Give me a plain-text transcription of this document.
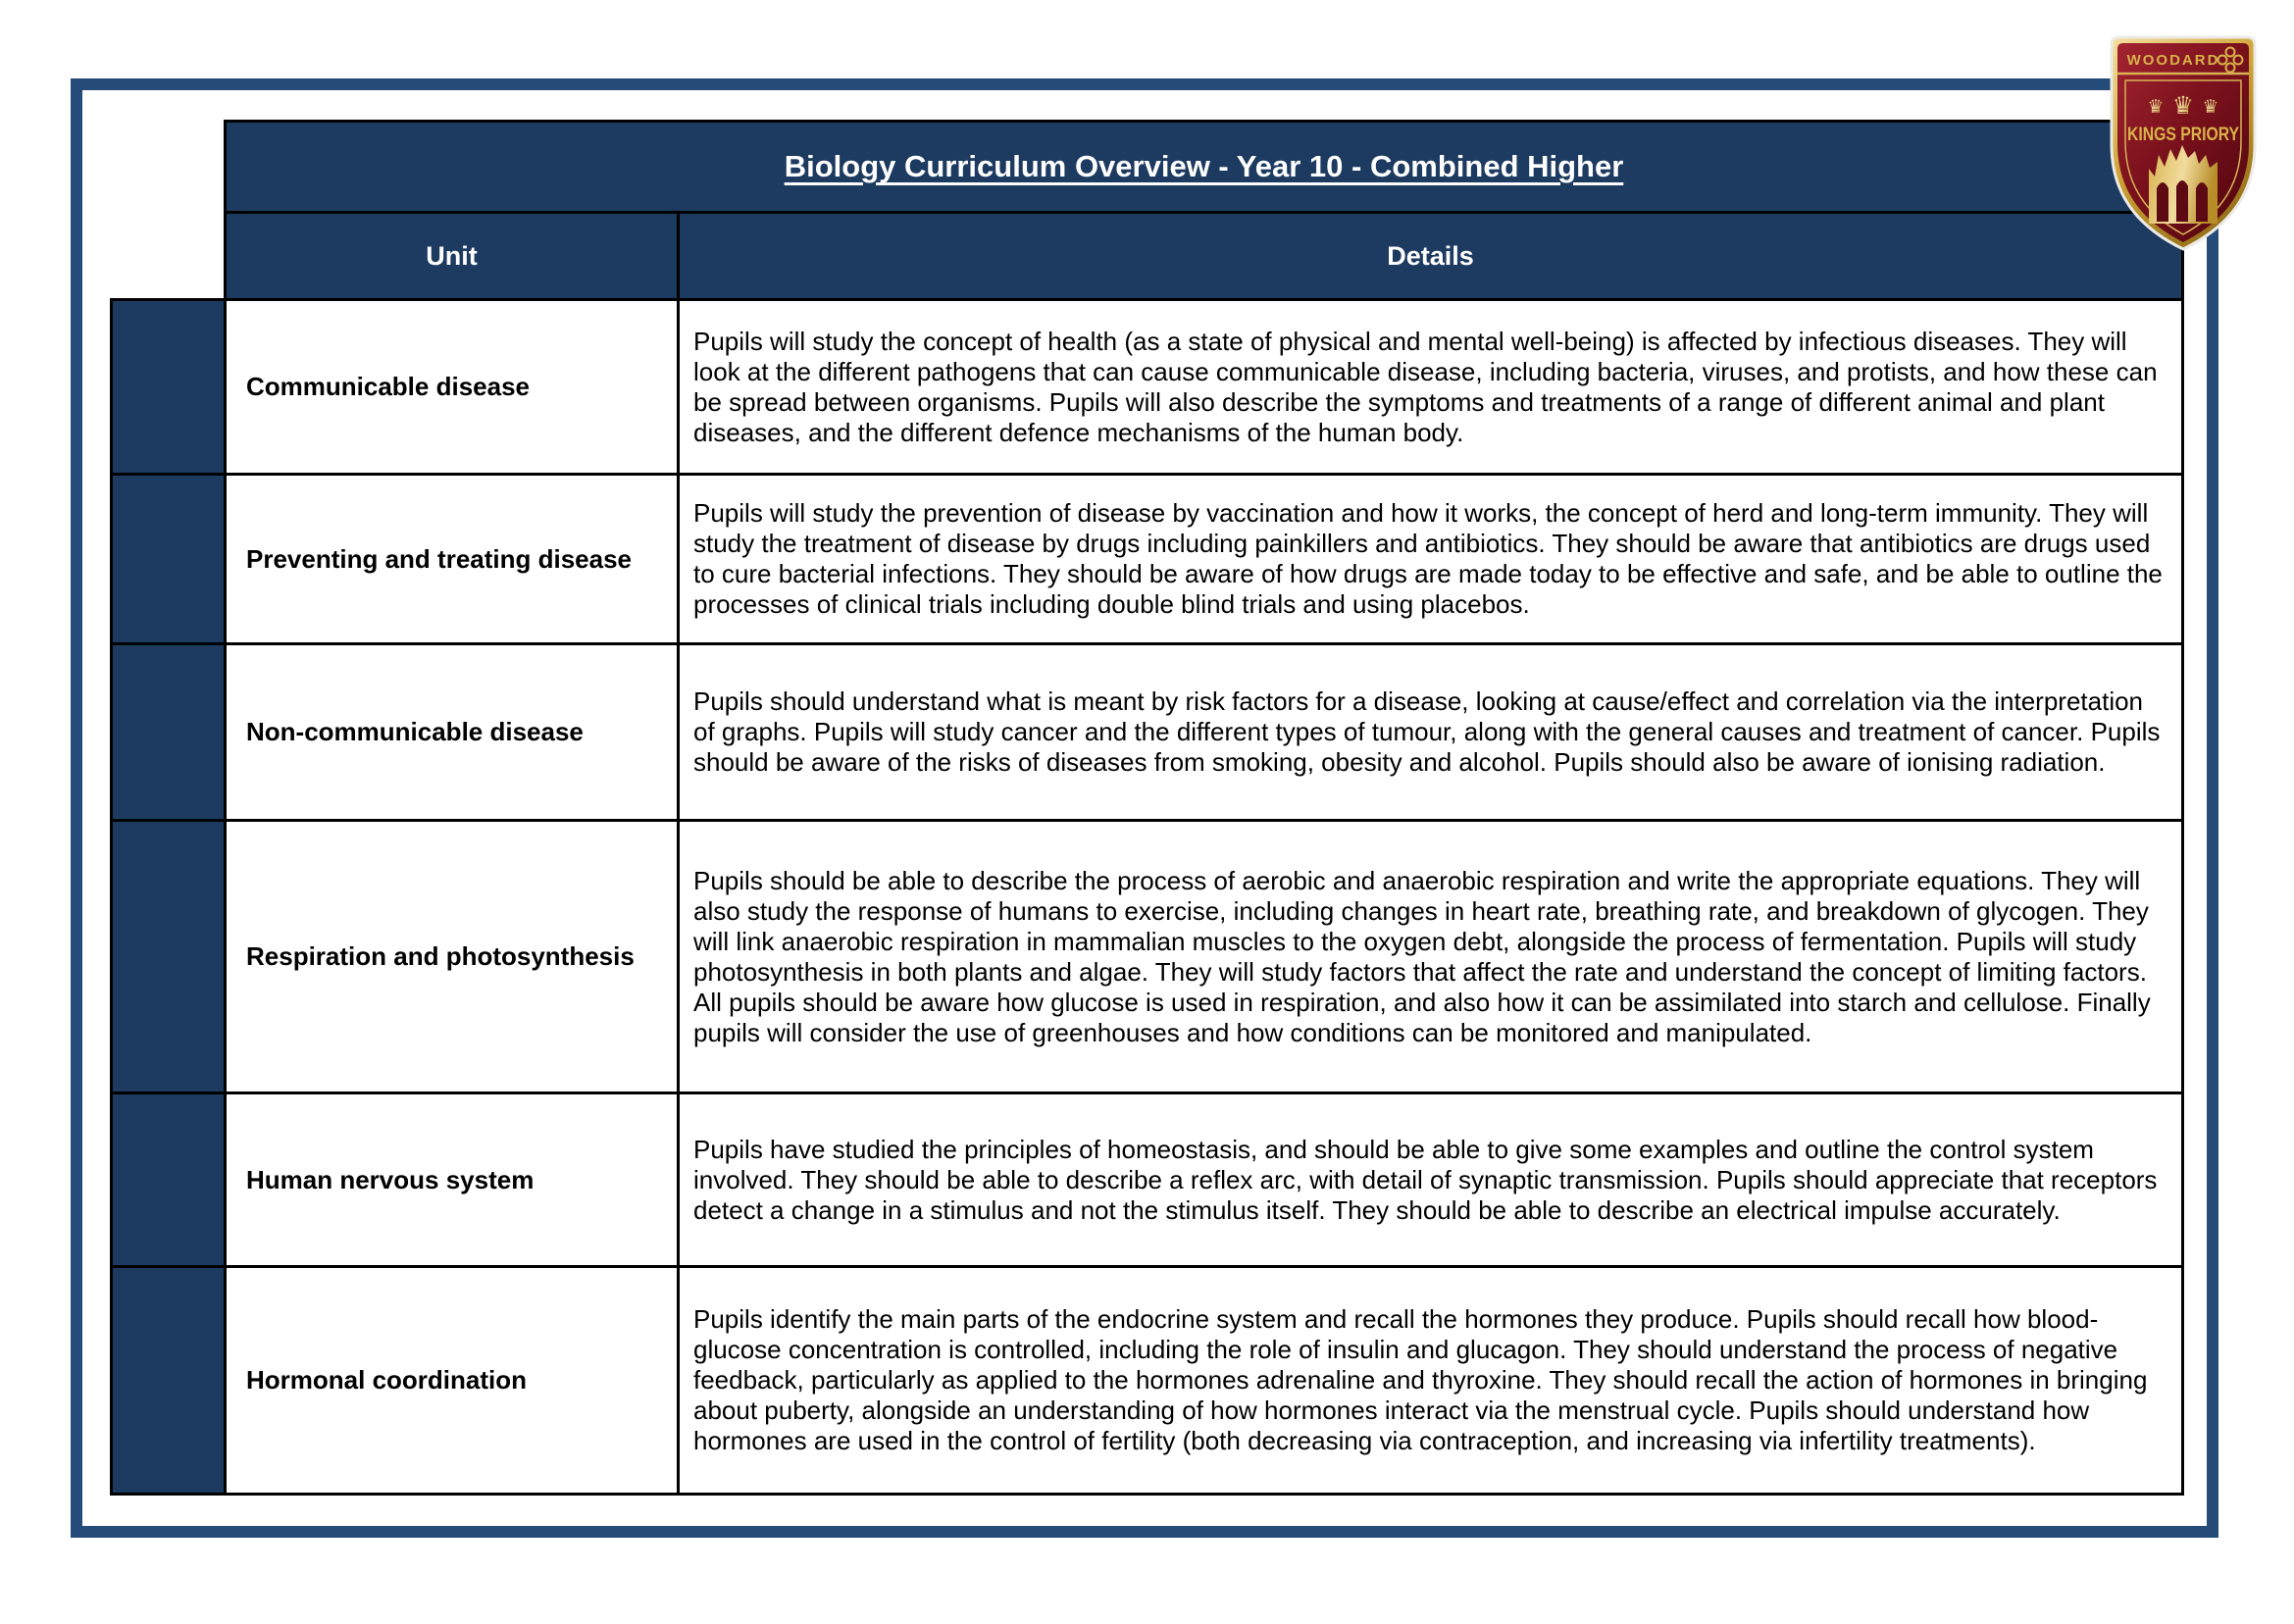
	Biology Curriculum Overview - Year 10 - Combined Higher	
	Unit	Details
	Communicable disease	Pupils will study the concept of health (as a state of physical and mental well-being) is affected by infectious diseases. They will look at the different pathogens that can cause communicable disease, including bacteria, viruses, and protists, and how these can be spread between organisms. Pupils will also describe the symptoms and treatments of a range of different animal and plant diseases, and the different defence mechanisms of the human body.
	Preventing and treating disease	Pupils will study the prevention of disease by vaccination and how it works, the concept of herd and long-term immunity. They will study the treatment of disease by drugs including painkillers and antibiotics. They should be aware that antibiotics are drugs used to cure bacterial infections. They should be aware of how drugs are made today to be effective and safe, and be able to outline the processes of clinical trials including double blind trials and using placebos.
	Non-communicable disease	Pupils should understand what is meant by risk factors for a disease, looking at cause/effect and correlation via the interpretation of graphs. Pupils will study cancer and the different types of tumour, along with the general causes and treatment of cancer. Pupils should be aware of the risks of diseases from smoking, obesity and alcohol. Pupils should also be aware of ionising radiation.
	Respiration and photosynthesis	Pupils should be able to describe the process of aerobic and anaerobic respiration and write the appropriate equations. They will also study the response of humans to exercise, including changes in heart rate, breathing rate, and breakdown of glycogen. They will link anaerobic respiration in mammalian muscles to the oxygen debt, alongside the process of fermentation. Pupils will study photosynthesis in both plants and algae. They will study factors that affect the rate and understand the concept of limiting factors. All pupils should be aware how glucose is used in respiration, and also how it can be assimilated into starch and cellulose. Finally pupils will consider the use of greenhouses and how conditions can be monitored and manipulated.
	Human nervous system	Pupils have studied the principles of homeostasis, and should be able to give some examples and outline the control system involved. They should be able to describe a reflex arc, with detail of synaptic transmission. Pupils should appreciate that receptors detect a change in a stimulus and not the stimulus itself. They should be able to describe an electrical impulse accurately.
	Hormonal coordination	Pupils identify the main parts of the endocrine system and recall the hormones they produce. Pupils should recall how blood-glucose concentration is controlled, including the role of insulin and glucagon. They should understand the process of negative feedback, particularly as applied to the hormones adrenaline and thyroxine. They should recall the action of hormones in bringing about puberty, alongside an understanding of how hormones interact via the menstrual cycle. Pupils should understand how hormones are used in the control of fertility (both decreasing via contraception, and increasing via infertility treatments).
WOODARD
♛ ♛ ♛
KINGS PRIORY
